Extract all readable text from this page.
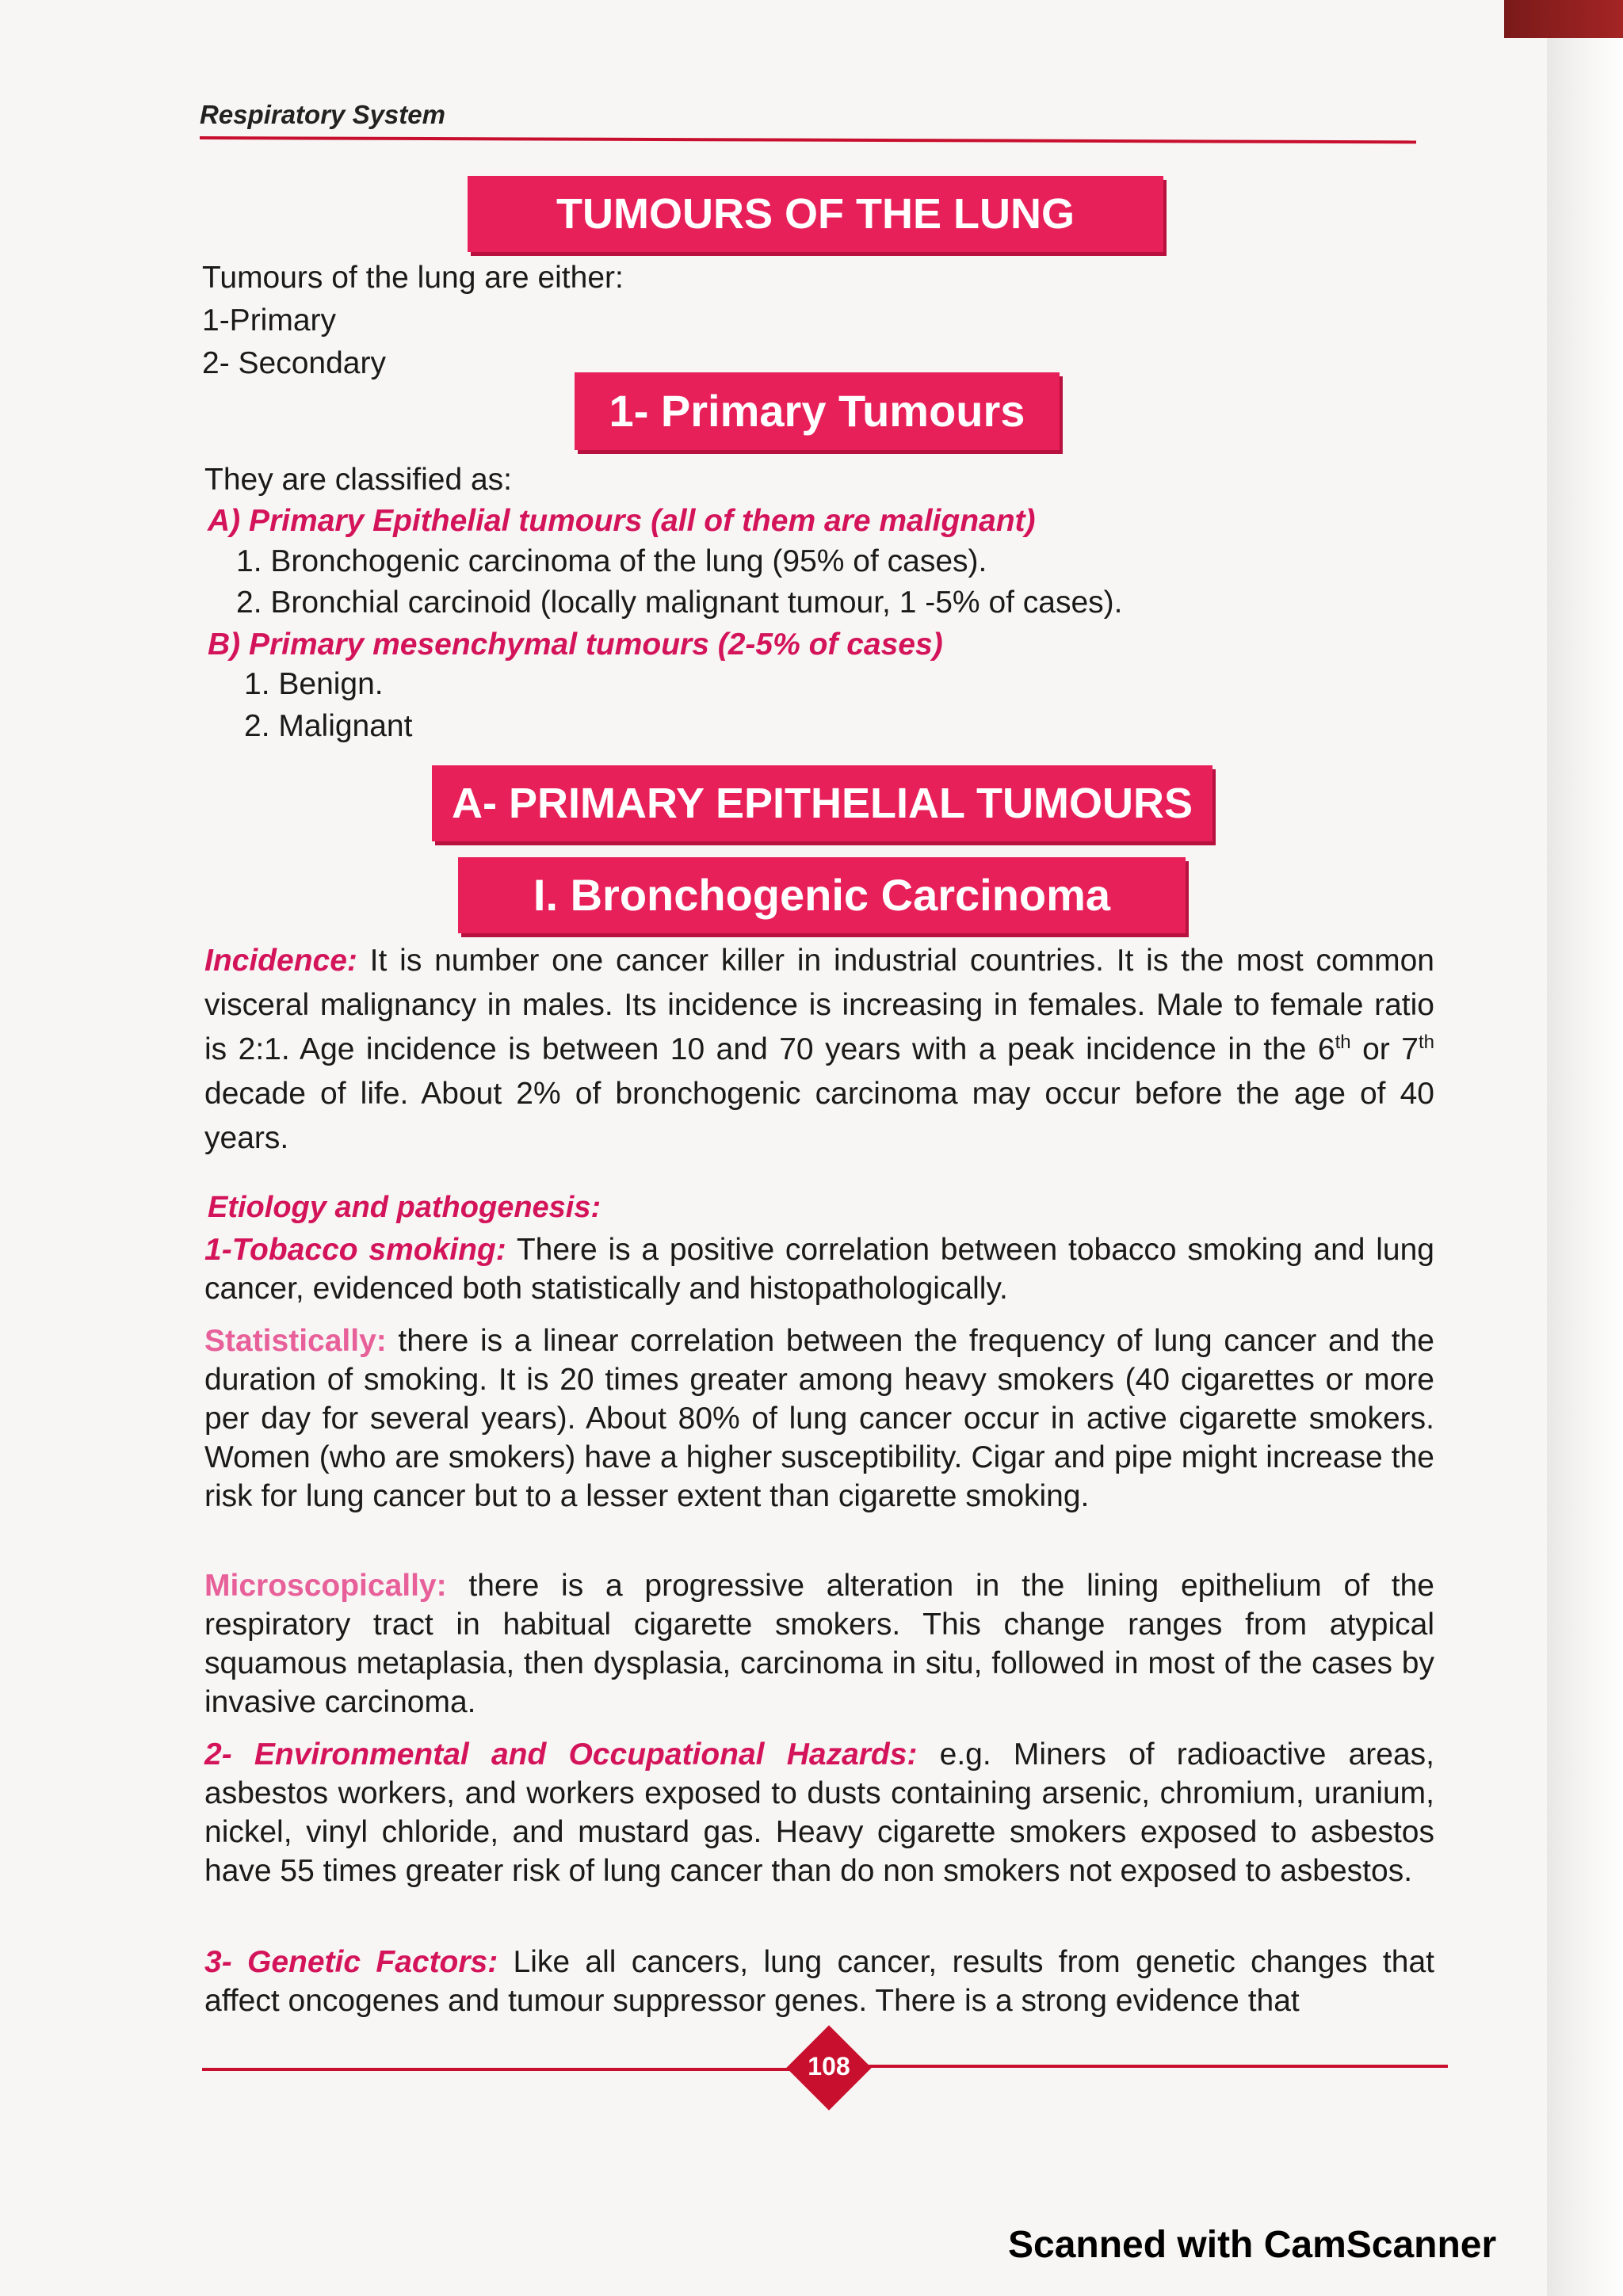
Respiratory System
TUMOURS OF THE LUNG
Tumours of the lung are either:
1-Primary
2- Secondary
1- Primary Tumours
They are classified as:
A) Primary Epithelial tumours (all of them are malignant)
1. Bronchogenic carcinoma of the lung (95% of cases).
2. Bronchial carcinoid (locally malignant tumour, 1 -5% of cases).
B) Primary mesenchymal tumours (2-5% of cases)
1. Benign.
2. Malignant
A- PRIMARY EPITHELIAL TUMOURS
I. Bronchogenic Carcinoma
Incidence: It is number one cancer killer in industrial countries. It is the most common visceral malignancy in males. Its incidence is increasing in females. Male to female ratio is 2:1. Age incidence is between 10 and 70 years with a peak incidence in the 6th or 7th decade of life. About 2% of bronchogenic carcinoma may occur before the age of 40 years.
Etiology and pathogenesis:
1-Tobacco smoking: There is a positive correlation between tobacco smoking and lung cancer, evidenced both statistically and histopathologically.
Statistically: there is a linear correlation between the frequency of lung cancer and the duration of smoking. It is 20 times greater among heavy smokers (40 cigarettes or more per day for several years). About 80% of lung cancer occur in active cigarette smokers. Women (who are smokers) have a higher susceptibility. Cigar and pipe might increase the risk for lung cancer but to a lesser extent than cigarette smoking.
Microscopically: there is a progressive alteration in the lining epithelium of the respiratory tract in habitual cigarette smokers. This change ranges from atypical squamous metaplasia, then dysplasia, carcinoma in situ, followed in most of the cases by invasive carcinoma.
2- Environmental and Occupational Hazards: e.g. Miners of radioactive areas, asbestos workers, and workers exposed to dusts containing arsenic, chromium, uranium, nickel, vinyl chloride, and mustard gas. Heavy cigarette smokers exposed to asbestos have 55 times greater risk of lung cancer than do non smokers not exposed to asbestos.
3- Genetic Factors: Like all cancers, lung cancer, results from genetic changes that affect oncogenes and tumour suppressor genes. There is a strong evidence that
108
Scanned with CamScanner
